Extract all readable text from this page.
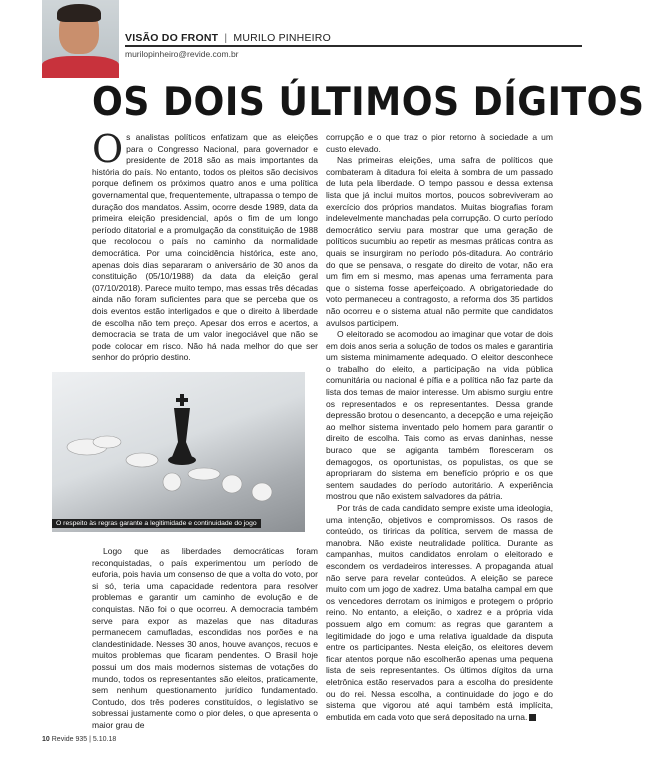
VISÃO DO FRONT | MURILO PINHEIRO
murilopinheiro@revide.com.br
OS DOIS ÚLTIMOS DÍGITOS

Os analistas políticos enfatizam que as eleições para o Congresso Nacional, para governador e presidente de 2018 são as mais importantes da história do país. No entanto, todos os pleitos são decisivos porque definem os próximos quatro anos e uma política governamental que, frequentemente, ultrapassa o tempo de duração dos mandatos. Assim, ocorre desde 1989, data da primeira eleição presidencial, após o fim de um longo período ditatorial e a promulgação da constituição de 1988 que recolocou o país no caminho da normalidade democrática. Por uma coincidência histórica, este ano, apenas dois dias separaram o aniversário de 30 anos da constituição (05/10/1988) da data da eleição geral (07/10/2018). Parece muito tempo, mas essas três décadas ainda não foram suficientes para que se perceba que os dois eventos estão interligados e que o direito à liberdade de escolha não tem preço. Apesar dos erros e acertos, a democracia se trata de um valor inegociável que não se pode colocar em risco. Não há nada melhor do que ser senhor do próprio destino.

O respeito às regras garante a legitimidade e continuidade do jogo

Logo que as liberdades democráticas foram reconquistadas, o país experimentou um período de euforia, pois havia um consenso de que a volta do voto, por si só, teria uma capacidade redentora para resolver problemas e garantir um caminho de evolução e de conquistas. Não foi o que ocorreu. A democracia também serve para expor as mazelas que nas ditaduras permanecem camufladas, escondidas nos porões e na clandestinidade. Nesses 30 anos, houve avanços, recuos e muitos problemas que ficaram pendentes. O Brasil hoje possui um dos mais modernos sistemas de votações do mundo, todos os representantes são eleitos, praticamente, sem nenhum questionamento jurídico fundamentado. Contudo, dos três poderes constituídos, o legislativo se sobressai justamente como o pior deles, o que apresenta o maior grau de

corrupção e o que traz o pior retorno à sociedade a um custo elevado.

Nas primeiras eleições, uma safra de políticos que combateram à ditadura foi eleita à sombra de um passado de luta pela liberdade. O tempo passou e dessa extensa lista que já inclui muitos mortos, poucos sobreviveram ao exercício dos próprios mandatos. Muitas biografias foram indelevelmente manchadas pela corrupção. O curto período democrático serviu para mostrar que uma geração de políticos sucumbiu ao repetir as mesmas práticas contra as quais se insurgiram no período pós-ditadura. Ao contrário do que se pensava, o resgate do direito de votar, não era um fim em si mesmo, mas apenas uma ferramenta para que o sistema fosse aperfeiçoado. A obrigatoriedade do voto permaneceu a contragosto, a reforma dos 35 partidos não ocorreu e o sistema atual não permite que candidatos avulsos participem.

O eleitorado se acomodou ao imaginar que votar de dois em dois anos seria a solução de todos os males e garantiria um sistema minimamente adequado. O eleitor desconhece o trabalho do eleito, a participação na vida pública comunitária ou nacional é pífia e a política não faz parte da lista dos temas de maior interesse. Um abismo surgiu entre os representados e os representantes. Dessa grande depressão brotou o desencanto, a decepção e uma rejeição ao melhor sistema inventado pelo homem para garantir o direito de escolha. Tais como as ervas daninhas, nesse buraco que se agiganta também floresceram os demagogos, os oportunistas, os populistas, os que se apropriaram do sistema em benefício próprio e os que sentem saudades do período autoritário. A experiência mostrou que não existem salvadores da pátria.

Por trás de cada candidato sempre existe uma ideologia, uma intenção, objetivos e compromissos. Os rasos de conteúdo, os tiriricas da política, servem de massa de manobra. Não existe neutralidade política. Durante as campanhas, muitos candidatos enrolam o eleitorado e escondem os verdadeiros interesses. A propaganda atual não serve para revelar conteúdos. A eleição se parece muito com um jogo de xadrez. Uma batalha campal em que os vencedores derrotam os inimigos e protegem o próprio reino. No entanto, a eleição, o xadrez e a própria vida possuem algo em comum: as regras que garantem a legitimidade do jogo e uma relativa igualdade da disputa entre os participantes. Nesta eleição, os eleitores devem ficar atentos porque não escolherão apenas uma pequena lista de seis representantes. Os últimos dígitos da urna eletrônica estão reservados para a escolha do presidente ou do rei. Nessa escolha, a continuidade do jogo e do sistema que vigorou até aqui também está implícita, embutida em cada voto que será depositado na urna.

10 Revide 935 | 5.10.18
